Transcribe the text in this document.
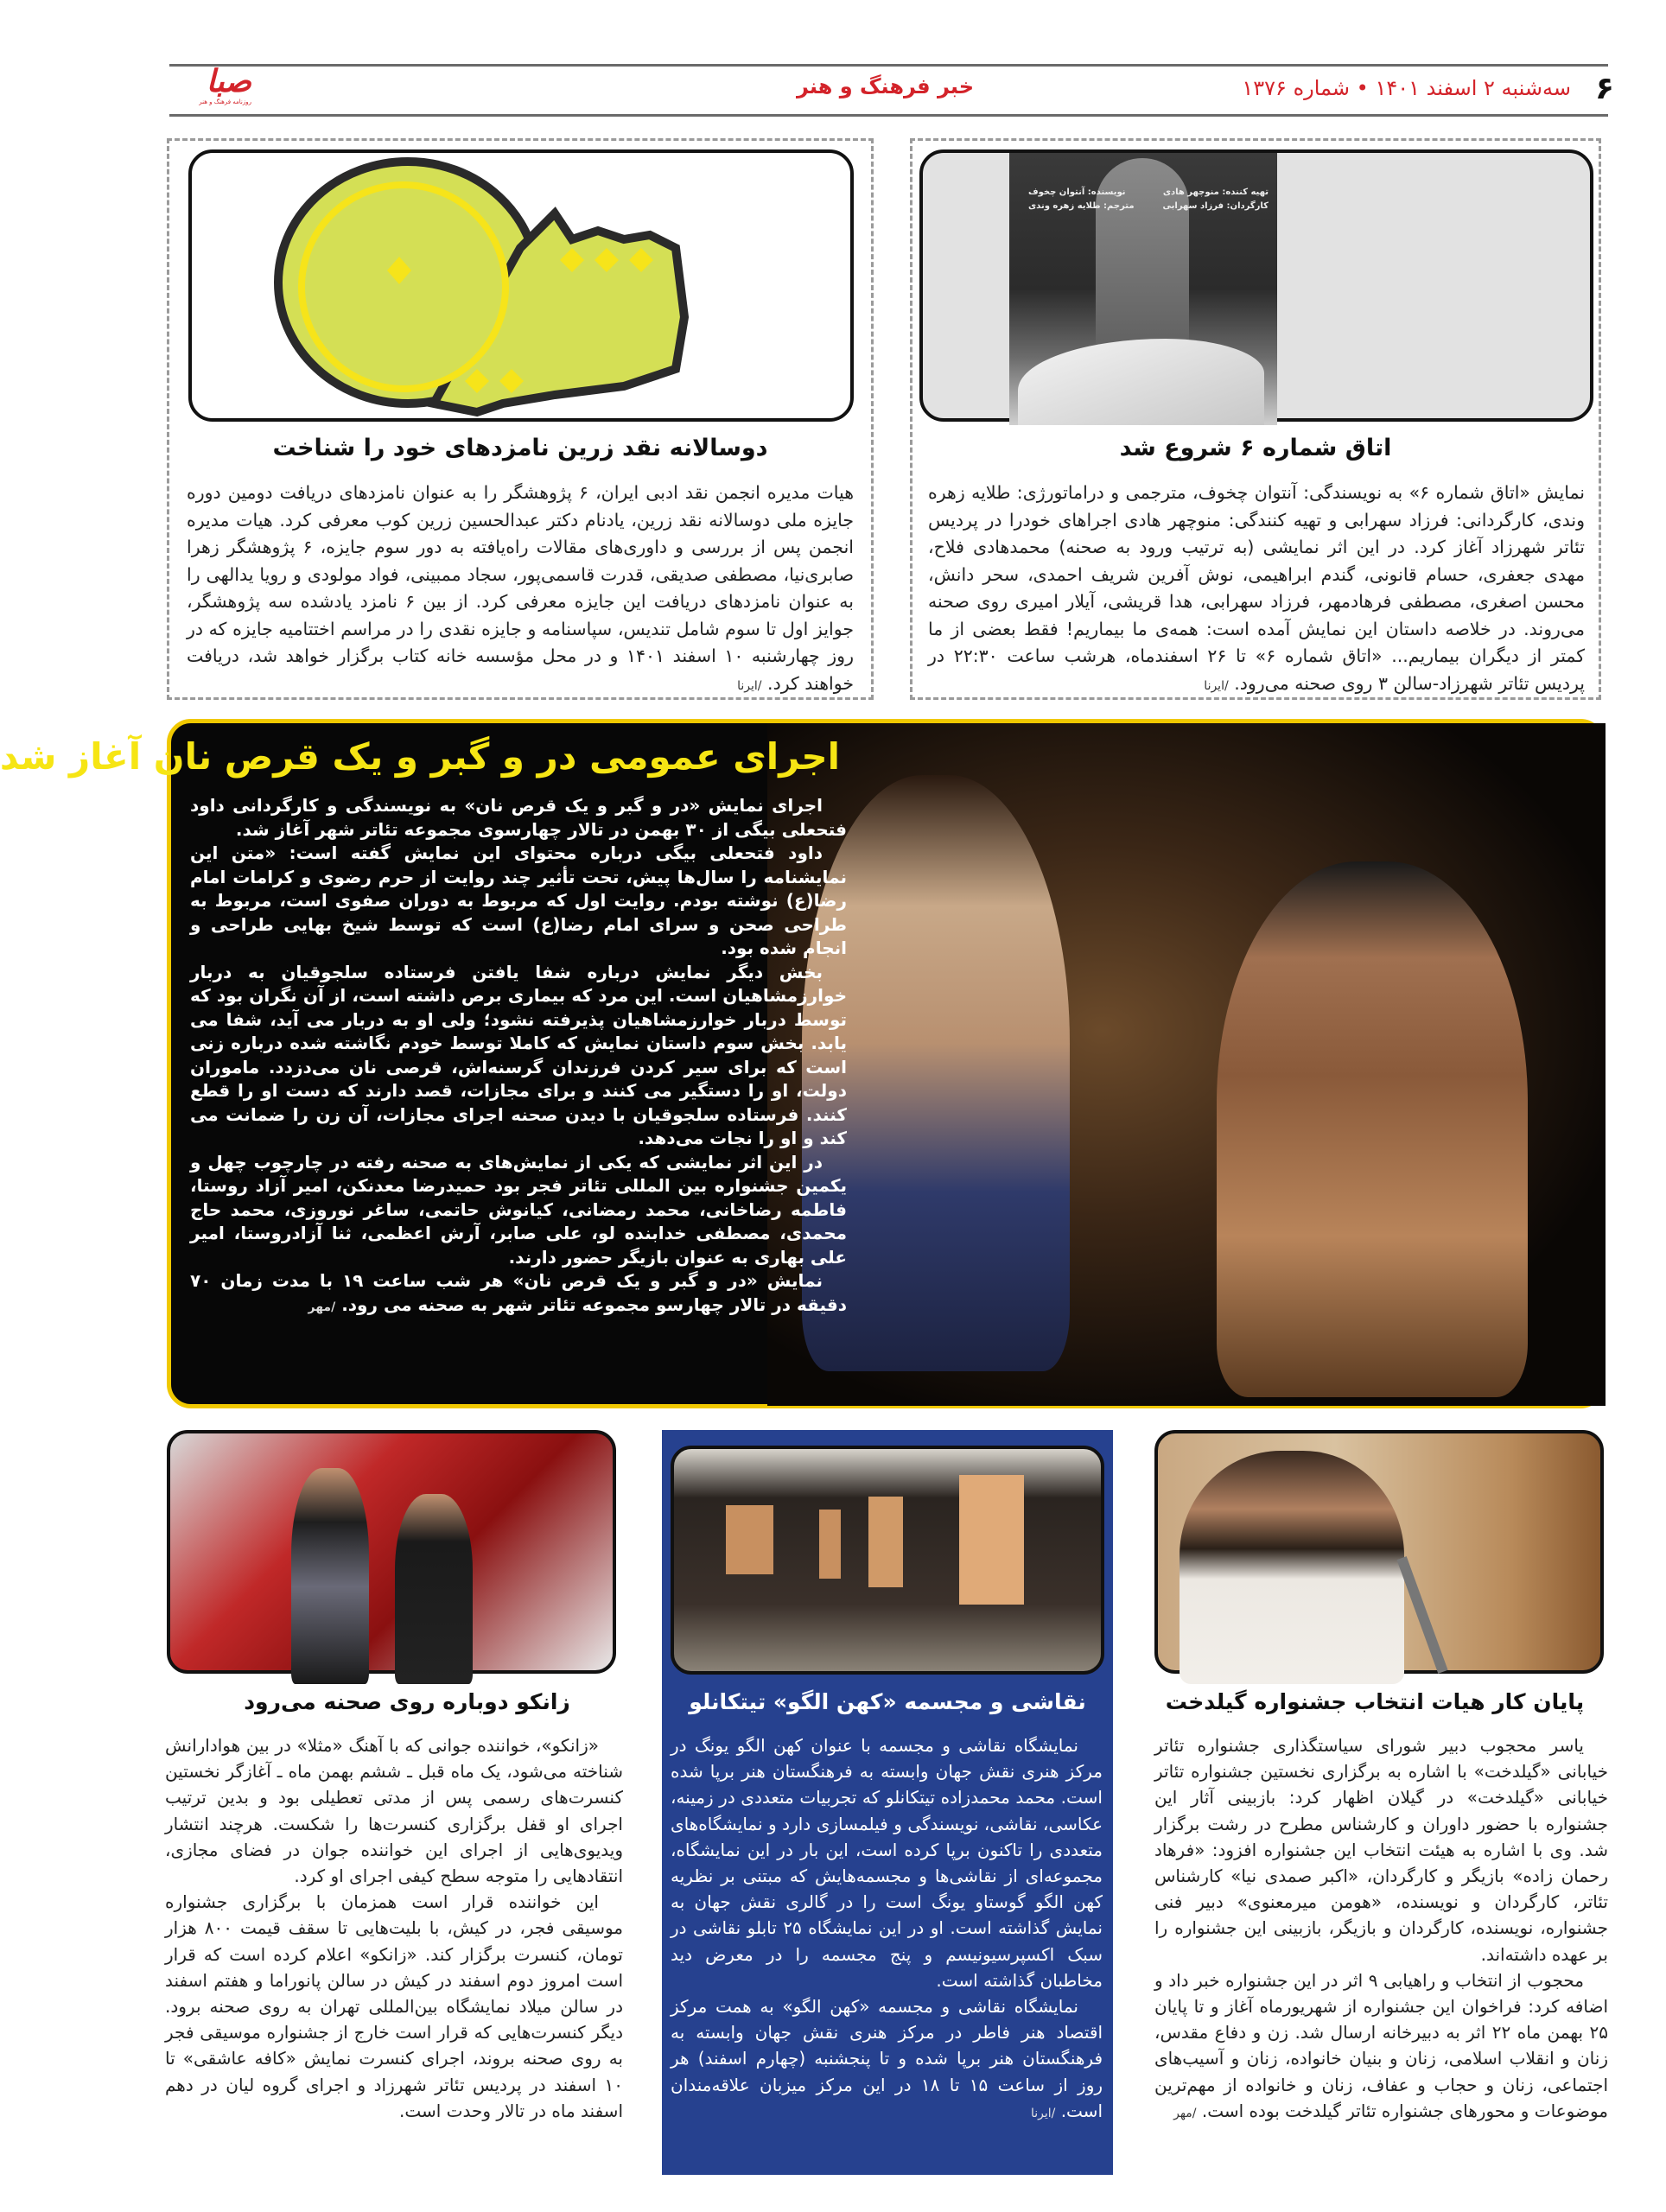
۶
سه‌شنبه ۲ اسفند ۱۴۰۱ • شماره ۱۳۷۶
خبر فرهنگ و هنر
صبا
روزنامه فرهنگ و هنر
تهیه کننده: منوچهر هادی
کارگردان: فرزاد سهرابی
نویسنده: آنتوان چخوف
مترجم: طلایه زهره وندی
اتاق شماره ۶ شروع شد
نمایش «اتاق شماره ۶» به نویسندگی: آنتوان چخوف، مترجمی و دراماتورژی: طلایه زهره وندی، کارگردانی: فرزاد سهرابی و تهیه کنندگی: منوچهر هادی اجراهای خودرا در پردیس تئاتر شهرزاد آغاز کرد. در این اثر نمایشی (به ترتیب ورود به صحنه) محمدهادی فلاح، مهدی جعفری، حسام قانونی، گندم ابراهیمی، نوش آفرین شریف احمدی، سحر دانش، محسن اصغری، مصطفی فرهادمهر، فرزاد سهرابی، هدا قریشی، آیلار امیری روی صحنه می‌روند. در خلاصه داستان این نمایش آمده است: همه‌ی ما بیماریم! فقط بعضی از ما کمتر از دیگران بیماریم... «اتاق شماره ۶» تا ۲۶ اسفندماه، هرشب ساعت ۲۲:۳۰ در پردیس تئاتر شهرزاد-سالن ۳ روی صحنه می‌رود. /ایرنا
دوسالانه نقد زرین نامزدهای خود را شناخت
هیات مدیره انجمن نقد ادبی ایران، ۶ پژوهشگر را به عنوان نامزدهای دریافت دومین دوره جایزه ملی دوسالانه نقد زرین، یادنام دکتر عبدالحسین زرین کوب معرفی کرد. هیات مدیره انجمن پس از بررسی و داوری‌های مقالات راه‌یافته به دور سوم جایزه، ۶ پژوهشگر زهرا صابری‌نیا، مصطفی صدیقی، قدرت قاسمی‌پور، سجاد ممبینی، فواد مولودی و رویا یدالهی را به عنوان نامزدهای دریافت این جایزه معرفی کرد. از بین ۶ نامزد یادشده سه پژوهشگر، جوایز اول تا سوم شامل تندیس، سپاسنامه و جایزه نقدی را در مراسم اختتامیه جایزه که در روز چهارشنبه ۱۰ اسفند ۱۴۰۱ و در محل مؤسسه خانه کتاب برگزار خواهد شد، دریافت خواهند کرد. /ایرنا
اجرای عمومی در و گبر و یک قرص نان آغاز شد

اجرای نمایش «در و گبر و یک قرص نان» به نویسندگی و کارگردانی داود فتحعلی بیگی از ۳۰ بهمن در تالار چهارسوی مجموعه تئاتر شهر آغاز شد.

داود فتحعلی بیگی درباره محتوای این نمایش گفته است: «متن این نمایشنامه را سال‌ها پیش، تحت تأثیر چند روایت از حرم رضوی و کرامات امام رضا(ع) نوشته بودم. روایت اول که مربوط به دوران صفوی است، مربوط به طراحی صحن و سرای امام رضا(ع) است که توسط شیخ بهایی طراحی و انجام شده بود.

بخش دیگر نمایش درباره شفا یافتن فرستاده سلجوقیان به دربار خوارزمشاهیان است. این مرد که بیماری برص داشته است، از آن نگران بود که توسط دربار خوارزمشاهیان پذیرفته نشود؛ ولی او به دربار می آید، شفا می یابد. بخش سوم داستان نمایش که کاملا توسط خودم نگاشته شده درباره زنی است که برای سیر کردن فرزندان گرسنه‌اش، قرصی نان می‌دزدد. ماموران دولت، او را دستگیر می کنند و برای مجازات، قصد دارند که دست او را قطع کنند. فرستاده سلجوقیان با دیدن صحنه اجرای مجازات، آن زن را ضمانت می کند و او را نجات می‌دهد.

در این اثر نمایشی که یکی از نمایش‌های به صحنه رفته در چارچوب چهل و یکمین جشنواره بین المللی تئاتر فجر بود حمیدرضا معدنکن، امیر آزاد روستا، فاطمه رضاخانی، محمد رمضانی، کیانوش حاتمی، ساغر نوروزی، محمد حاج محمدی، مصطفی خدابنده لو، علی صابر، آرش اعظمی، ثنا آزادروستا، امیر علی بهاری به عنوان بازیگر حضور دارند.

نمایش «در و گبر و یک قرص نان» هر شب ساعت ۱۹ با مدت زمان ۷۰ دقیقه در تالار چهارسو مجموعه تئاتر شهر به صحنه می رود. /مهر

پایان کار هیات انتخاب جشنواره گیلدخت

یاسر محجوب دبیر شورای سیاستگذاری جشنواره تئاتر خیابانی «گیلدخت» با اشاره به برگزاری نخستین جشنواره تئاتر خیابانی «گیلدخت» در گیلان اظهار کرد: بازبینی آثار این جشنواره با حضور داوران و کارشناس مطرح در رشت برگزار شد. وی با اشاره به هیئت انتخاب این جشنواره افزود: «فرهاد رحمان زاده» بازیگر و کارگردان، «اکبر صمدی نیا» کارشناس تئاتر، کارگردان و نویسنده، «هومن میرمعنوی» دبیر فنی جشنواره، نویسنده، کارگردان و بازیگر، بازبینی این جشنواره را بر عهده داشته‌اند.

محجوب از انتخاب و راهیابی ۹ اثر در این جشنواره خبر داد و اضافه کرد: فراخوان این جشنواره از شهریورماه آغاز و تا پایان ۲۵ بهمن ماه ۲۲ اثر به دبیرخانه ارسال شد. زن و دفاع مقدس، زنان و انقلاب اسلامی، زنان و بنیان خانواده، زنان و آسیب‌های اجتماعی، زنان و حجاب و عفاف، زنان و خانواده از مهم‌ترین موضوعات و محورهای جشنواره تئاتر گیلدخت بوده است. /مهر

نقاشی و مجسمه «کهن الگو» تیتکانلو

نمایشگاه نقاشی و مجسمه با عنوان کهن الگو یونگ در مرکز هنری نقش جهان وابسته به فرهنگستان هنر برپا شده است. محمد محمدزاده تیتکانلو که تجربیات متعددی در زمینه، عکاسی، نقاشی، نویسندگی و فیلمسازی دارد و نمایشگاه‌های متعددی را تاکنون برپا کرده است، این بار در این نمایشگاه، مجموعه‌ای از نقاشی‌ها و مجسمه‌هایش که مبتنی بر نظریه کهن الگو گوستاو یونگ است را در گالری نقش جهان به نمایش گذاشته است. او در این نمایشگاه ۲۵ تابلو نقاشی در سبک اکسپرسیونیسم و پنج مجسمه را در معرض دید مخاطبان گذاشته است.

نمایشگاه نقاشی و مجسمه «کهن الگو» به همت مرکز اقتصاد هنر فاطر در مرکز هنری نقش جهان وابسته به فرهنگستان هنر برپا شده و تا پنجشنبه (چهارم اسفند) هر روز از ساعت ۱۵ تا ۱۸ در این مرکز میزبان علاقه‌مندان است. /ایرنا

زانکو دوباره روی صحنه می‌رود

«زانکو»، خواننده جوانی که با آهنگ «مثلا» در بین هوادارانش شناخته می‌شود، یک ماه قبل ـ ششم بهمن ماه ـ آغازگر نخستین کنسرت‌های رسمی پس از مدتی تعطیلی بود و بدین ترتیب اجرای او قفل برگزاری کنسرت‌ها را شکست. هرچند انتشار ویدیوی‌هایی از اجرای این خواننده جوان در فضای مجازی، انتقادهایی را متوجه سطح کیفی اجرای او کرد.

این خواننده قرار است همزمان با برگزاری جشنواره موسیقی فجر، در کیش، با بلیت‌هایی تا سقف قیمت ۸۰۰ هزار تومان، کنسرت برگزار کند. «زانکو» اعلام کرده است که قرار است امروز دوم اسفند در کیش در سالن پانوراما و هفتم اسفند در سالن میلاد نمایشگاه بین‌المللی تهران به روی صحنه برود. دیگر کنسرت‌هایی که قرار است خارج از جشنواره موسیقی فجر به روی صحنه بروند، اجرای کنسرت نمایش «کافه عاشقی» تا ۱۰ اسفند در پردیس تئاتر شهرزاد و اجرای گروه لیان در دهم اسفند ماه در تالار وحدت است.
